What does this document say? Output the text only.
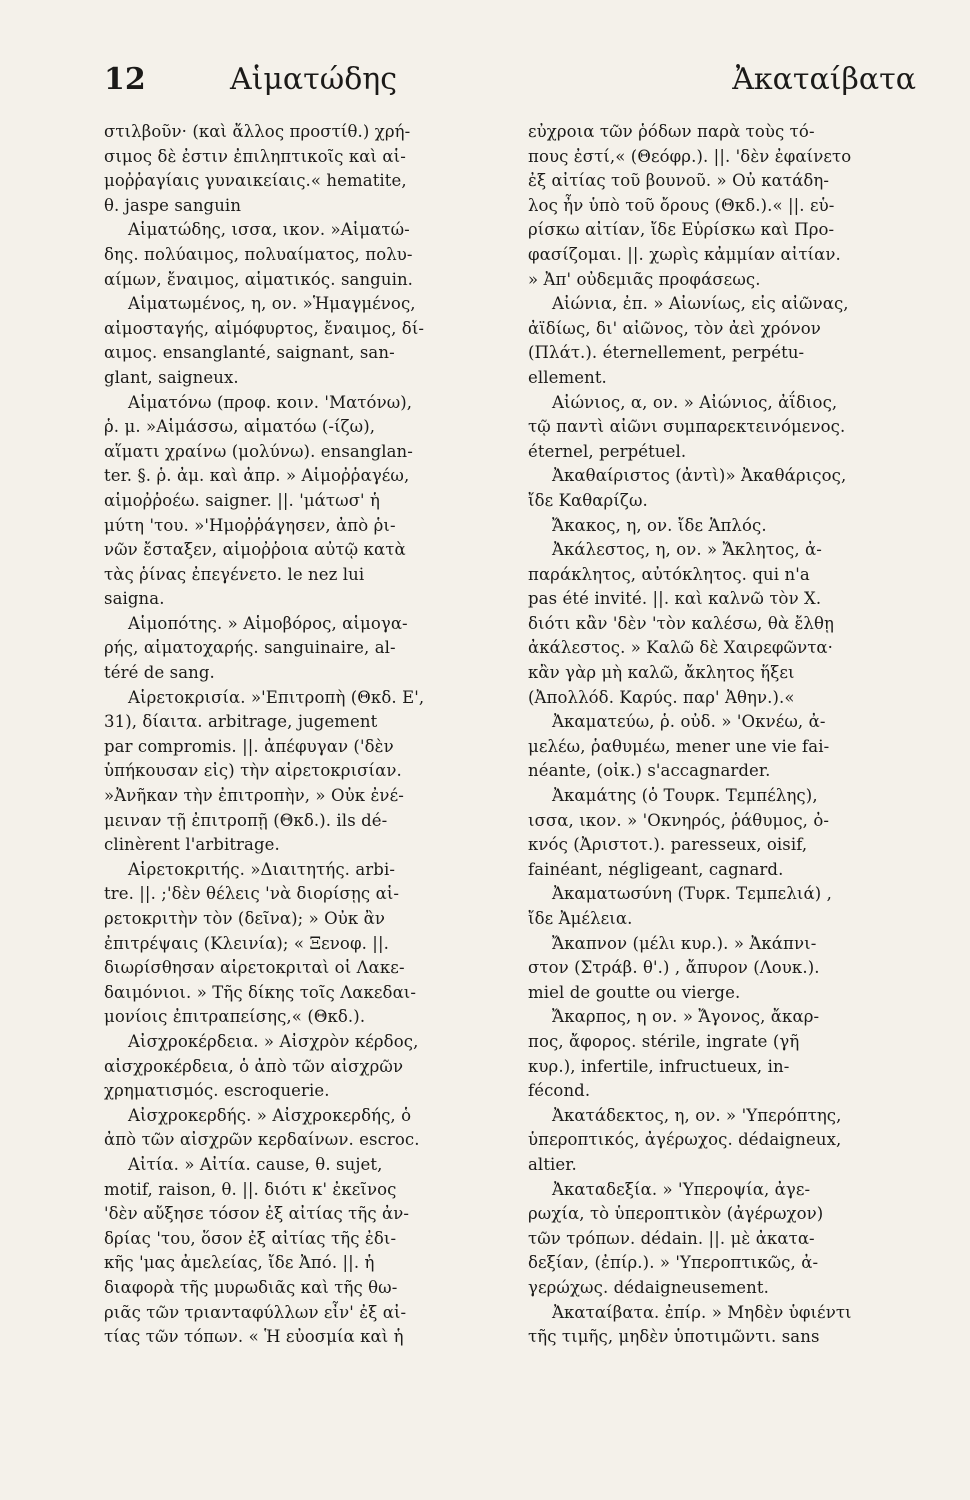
12	Αἱματώδης	Ἀκαταίβατα
στιλβοῦν· (καὶ ἄλλος προστίθ.) χρή-
σιμος δὲ ἐστιν ἐπιληπτικοῖς καὶ αἱ-
μοῤῥαγίαις γυναικείαις.« hematite,
θ. jaspe sanguin
Αἱματώδης, ισσα, ικον. »Αἱματώ-
δης. πολύαιμος, πολυαίματος, πολυ-
αίμων, ἔναιμος, αἱματικός. sanguin.
Αἱματωμένος, η, ον. »Ἡμαγμένος,
αἱμοσταγής, αἱμόφυρτος, ἔναιμος, δί-
αιμος. ensanglanté, saignant, san-
glant, saigneux.
Αἱματόνω (προφ. κοιν. 'Ματόνω),
ῥ. μ. »Αἱμάσσω, αἱματόω (-ίζω),
αἵματι χραίνω (μολύνω). ensanglan-
ter. §. ῥ. ἀμ. καὶ ἀπρ. » Αἱμοῤῥαγέω,
αἱμοῤῥοέω. saigner. ||. 'μάτωσ' ἡ
μύτη 'του. »'Ημοῤῥάγησεν, ἀπὸ ῥι-
νῶν ἔσταξεν, αἱμοῤῥοια αὐτῷ κατὰ
τὰς ῥίνας ἐπεγένετο. le nez lui
saigna.
Αἱμοπότης. » Αἱμοβόρος, αἱμογα-
ρής, αἱματοχαρής. sanguinaire, al-
téré de sang.
Αἱρετοκρισία. »'Επιτροπὴ (Θκδ. Ε',
31), δίαιτα. arbitrage, jugement
par compromis. ||. ἀπέφυγαν ('δὲν
ὑπήκουσαν εἰς) τὴν αἱρετοκρισίαν.
»Ἀνῆκαν τὴν ἐπιτροπὴν, » Οὐκ ἐνέ-
μειναν τῇ ἐπιτροπῇ (Θκδ.). ils dé-
clinèrent l'arbitrage.
Αἱρετοκριτής. »Διαιτητής. arbi-
tre. ||. ;'δὲν θέλεις 'νὰ διορίσῃς αἱ-
ρετοκριτὴν τὸν (δεῖνα); » Οὐκ ἂν
ἐπιτρέψαις (Κλεινία); « Ξενοφ. ||.
διωρίσθησαν αἱρετοκριταὶ οἱ Λακε-
δαιμόνιοι. » Τῆς δίκης τοῖς Λακεδαι-
μονίοις ἐπιτραπείσης,« (Θκδ.).
Αἰσχροκέρδεια. » Αἰσχρὸν κέρδος,
αἰσχροκέρδεια, ὁ ἀπὸ τῶν αἰσχρῶν
χρηματισμός. escroquerie.
Αἰσχροκερδής. » Αἰσχροκερδής, ὁ
ἀπὸ τῶν αἰσχρῶν κερδαίνων. escroc.
Αἰτία. » Αἰτία. cause, θ. sujet,
motif, raison, θ. ||. διότι κ' ἐκεῖνος
'δὲν αὔξησε τόσον ἐξ αἰτίας τῆς ἀν-
δρίας 'του, ὅσον ἐξ αἰτίας τῆς ἐδι-
κῆς 'μας ἀμελείας, ἴδε Ἀπό. ||. ἡ
διαφορὰ τῆς μυρωδιᾶς καὶ τῆς θω-
ριᾶς τῶν τριανταφύλλων εἶν' ἐξ αἰ-
τίας τῶν τόπων. « Ἡ εὐοσμία καὶ ἡ
εὐχροια τῶν ῥόδων παρὰ τοὺς τό-
πους ἐστί,« (Θεόφρ.). ||. 'δὲν ἐφαίνετο
ἐξ αἰτίας τοῦ βουνοῦ. » Οὐ κατάδη-
λος ἦν ὑπὸ τοῦ ὄρους (Θκδ.).« ||. εὑ-
ρίσκω αἰτίαν, ἴδε Εὑρίσκω καὶ Προ-
φασίζομαι. ||. χωρὶς κἀμμίαν αἰτίαν.
» Ἀπ' οὐδεμιᾶς προφάσεως.
Αἰώνια, ἐπ. » Αἰωνίως, εἰς αἰῶνας,
ἀϊδίως, δι' αἰῶνος, τὸν ἀεὶ χρόνον
(Πλάτ.). éternellement, perpétu-
ellement.
Αἰώνιος, α, ον. » Αἰώνιος, ἀΐδιος,
τῷ παντὶ αἰῶνι συμπαρεκτεινόμενος.
éternel, perpétuel.
Ἀκαθαίριστος (ἀντὶ)» Ἀκαθάριςος,
ἴδε Καθαρίζω.
Ἄκακος, η, ον. ἴδε Ἁπλός.
Ἀκάλεστος, η, ον. » Ἄκλητος, ἀ-
παράκλητος, αὐτόκλητος. qui n'a
pas été invité. ||. καὶ καλνῶ τὸν Χ.
διότι κἂν 'δὲν 'τὸν καλέσω, θὰ ἔλθῃ
ἀκάλεστος. » Καλῶ δὲ Χαιρεφῶντα·
κἂν γὰρ μὴ καλῶ, ἄκλητος ἥξει
(Ἀπολλόδ. Καρύς. παρ' Ἀθην.).«
Ἀκαματεύω, ῥ. οὐδ. » 'Οκνέω, ἀ-
μελέω, ῥαθυμέω, mener une vie fai-
néante, (οἰκ.) s'accagnarder.
Ἀκαμάτης (ὁ Τουρκ. Τεμπέλης),
ισσα, ικον. » 'Οκνηρός, ῥάθυμος, ὀ-
κνός (Ἀριστοτ.). paresseux, oisif,
fainéant, négligeant, cagnard.
Ἀκαματωσύνη (Τυρκ. Τεμπελιά) ,
ἴδε Ἀμέλεια.
Ἄκαπνον (μέλι κυρ.). » Ἀκάπνι-
στον (Στράβ. θ'.) , ἄπυρον (Λουκ.).
miel de goutte ou vierge.
Ἄκαρπος, η ον. » Ἄγονος, ἄκαρ-
πος, ἄφορος. stérile, ingrate (γῆ
κυρ.), infertile, infructueux, in-
fécond.
Ἀκατάδεκτος, η, ον. » 'Υπερόπτης,
ὑπεροπτικός, ἀγέρωχος. dédaigneux,
altier.
Ἀκαταδεξία. » 'Υπεροψία, ἀγε-
ρωχία, τὸ ὑπεροπτικὸν (ἀγέρωχον)
τῶν τρόπων. dédain. ||. μὲ ἀκατα-
δεξίαν, (ἐπίρ.). » 'Υπεροπτικῶς, ἀ-
γερώχως. dédaigneusement.
Ἀκαταίβατα. ἐπίρ. » Μηδὲν ὑφιέντι
τῆς τιμῆς, μηδὲν ὑποτιμῶντι. sans
